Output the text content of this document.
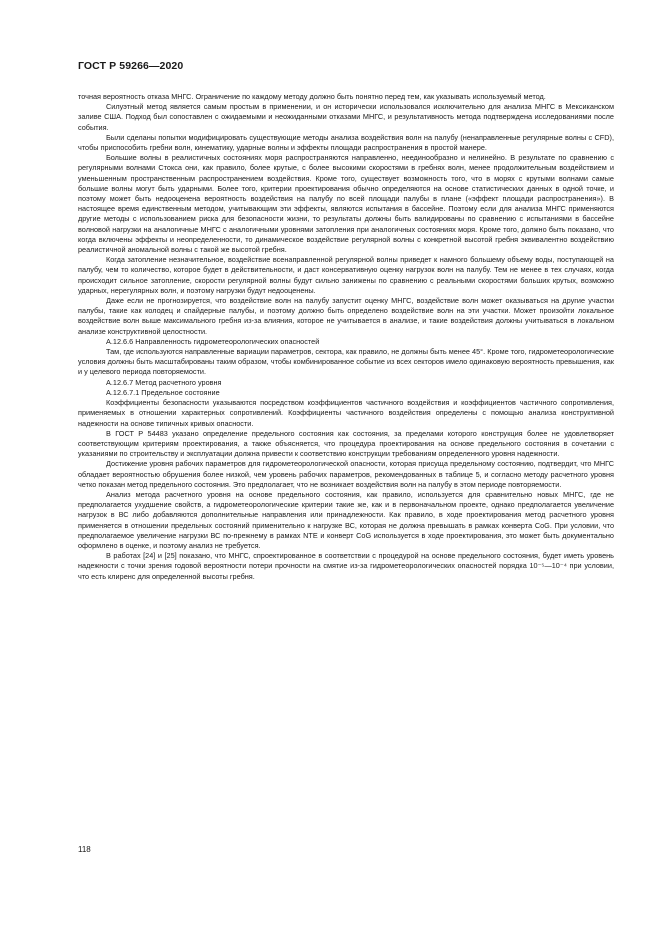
ГОСТ Р 59266—2020

точная вероятность отказа МНГС. Ограничение по каждому методу должно быть понятно перед тем, как указывать используемый метод.

Силуэтный метод является самым простым в применении, и он исторически использовался исключительно для анализа МНГС в Мексиканском заливе США. Подход был сопоставлен с ожидаемыми и неожиданными отказами МНГС, и результативность метода подтверждена исследованиями после события.

Были сделаны попытки модифицировать существующие методы анализа воздействия волн на палубу (ненаправленные регулярные волны с CFD), чтобы приспособить гребни волн, кинематику, ударные волны и эффекты площади распространения в простой манере.

Большие волны в реалистичных состояниях моря распространяются направленно, неединообразно и нелинейно. В результате по сравнению с регулярными волнами Стокса они, как правило, более крутые, с более высокими скоростями в гребнях волн, менее продолжительным воздействием и уменьшенным пространственным распространением воздействия. Кроме того, существует возможность того, что в морях с крутыми волнами самые большие волны могут быть ударными. Более того, критерии проектирования обычно определяются на основе статистических данных в одной точке, и поэтому может быть недооценена вероятность воздействия на палубу по всей площади палубы в плане («эффект площади распространения»). В настоящее время единственным методом, учитывающим эти эффекты, являются испытания в бассейне. Поэтому если для анализа МНГС применяются другие методы с использованием риска для безопасности жизни, то результаты должны быть валидированы по сравнению с испытаниями в бассейне волновой нагрузки на аналогичные МНГС с аналогичными уровнями затопления при аналогичных состояниях моря. Кроме того, должно быть показано, что когда включены эффекты и неопределенности, то динамическое воздействие регулярной волны с конкретной высотой гребня эквивалентно воздействию реалистичной аномальной волны с такой же высотой гребня.

Когда затопление незначительное, воздействие всенаправленной регулярной волны приведет к намного большему объему воды, поступающей на палубу, чем то количество, которое будет в действительности, и даст консервативную оценку нагрузок волн на палубу. Тем не менее в тех случаях, когда происходит сильное затопление, скорости регулярной волны будут сильно занижены по сравнению с реальными скоростями больших крутых, возможно ударных, нерегулярных волн, и поэтому нагрузки будут недооценены.

Даже если не прогнозируется, что воздействие волн на палубу запустит оценку МНГС, воздействие волн может оказываться на другие участки палубы, такие как колодец и спайдерные палубы, и поэтому должно быть определено воздействие волн на эти участки. Может произойти локальное воздействие волн выше максимального гребня из-за влияния, которое не учитывается в анализе, и такие воздействия должны учитываться в локальном анализе конструктивной целостности.

А.12.6.6 Направленность гидрометеорологических опасностей

Там, где используются направленные вариации параметров, сектора, как правило, не должны быть менее 45°. Кроме того, гидрометеорологические условия должны быть масштабированы таким образом, чтобы комбинированное событие из всех секторов имело одинаковую вероятность превышения, как и у целевого периода повторяемости.

А.12.6.7 Метод расчетного уровня

А.12.6.7.1 Предельное состояние

Коэффициенты безопасности указываются посредством коэффициентов частичного воздействия и коэффициентов частичного сопротивления, применяемых в отношении характерных сопротивлений. Коэффициенты частичного воздействия определены с помощью анализа конструктивной надежности на основе типичных кривых опасности.

В ГОСТ Р 54483 указано определение предельного состояния как состояния, за пределами которого конструкция более не удовлетворяет соответствующим критериям проектирования, а также объясняется, что процедура проектирования на основе предельного состояния в сочетании с указаниями по строительству и эксплуатации должна привести к соответствию конструкции требованиям определенного уровня надежности.

Достижение уровня рабочих параметров для гидрометеорологической опасности, которая присуща предельному состоянию, подтвердит, что МНГС обладает вероятностью обрушения более низкой, чем уровень рабочих параметров, рекомендованных в таблице 5, и согласно методу расчетного уровня четко показан метод предельного состояния. Это предполагает, что не возникает воздействия волн на палубу в этом периоде повторяемости.

Анализ метода расчетного уровня на основе предельного состояния, как правило, используется для сравнительно новых МНГС, где не предполагается ухудшение свойств, а гидрометеорологические критерии такие же, как и в первоначальном проекте, однако предполагается увеличение нагрузок в ВС либо добавляются дополнительные направления или принадлежности. Как правило, в ходе проектирования метод расчетного уровня применяется в отношении предельных состояний применительно к нагрузке ВС, которая не должна превышать в рамках конверта CoG. При условии, что предполагаемое увеличение нагрузки ВС по-прежнему в рамках NTE и конверт CoG используется в ходе проектирования, это может быть документально оформлено в оценке, и поэтому анализ не требуется.

В работах [24] и [25] показано, что МНГС, спроектированное в соответствии с процедурой на основе предельного состояния, будет иметь уровень надежности с точки зрения годовой вероятности потери прочности на смятие из-за гидрометеорологических опасностей порядка 10⁻⁵—10⁻⁴ при условии, что есть клиренс для определенной высоты гребня.

118
